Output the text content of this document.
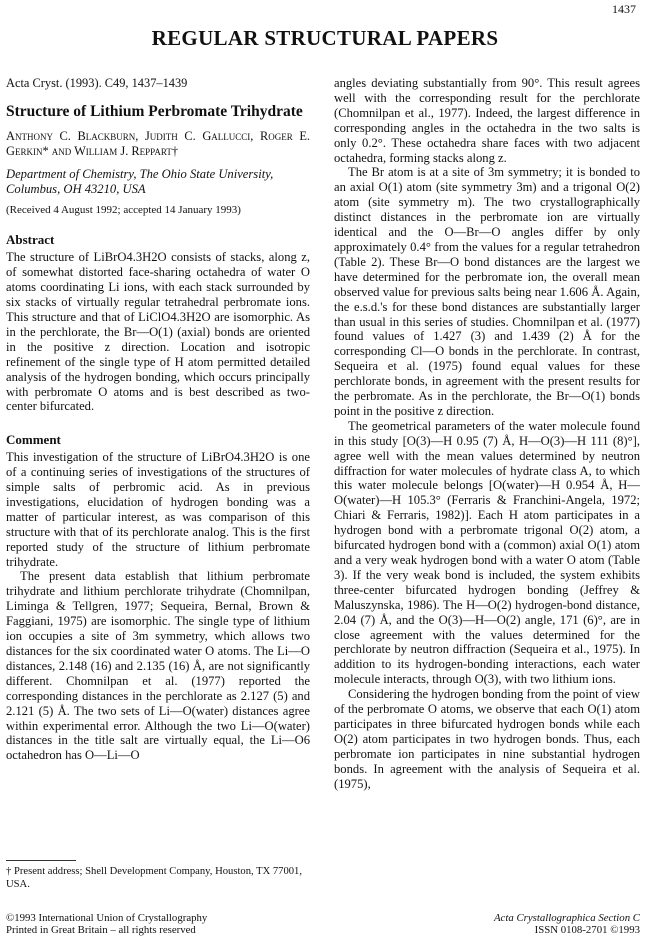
1437
REGULAR STRUCTURAL PAPERS

Acta Cryst. (1993). C49, 1437–1439

Structure of Lithium Perbromate Trihydrate

Anthony C. Blackburn, Judith C. Gallucci, Roger E. Gerkin* and William J. Reppart†

Department of Chemistry, The Ohio State University, Columbus, OH 43210, USA

(Received 4 August 1992; accepted 14 January 1993)

Abstract

The structure of LiBrO4.3H2O consists of stacks, along z, of somewhat distorted face-sharing octahedra of water O atoms coordinating Li ions, with each stack surrounded by six stacks of virtually regular tetrahedral perbromate ions. This structure and that of LiClO4.3H2O are isomorphic. As in the perchlorate, the Br—O(1) (axial) bonds are oriented in the positive z direction. Location and isotropic refinement of the single type of H atom permitted detailed analysis of the hydrogen bonding, which occurs principally with perbromate O atoms and is best described as two-center bifurcated.

Comment

This investigation of the structure of LiBrO4.3H2O is one of a continuing series of investigations of the structures of simple salts of perbromic acid. As in previous investigations, elucidation of hydrogen bonding was a matter of particular interest, as was comparison of this structure with that of its perchlorate analog. This is the first reported study of the structure of lithium perbromate trihydrate.

The present data establish that lithium perbromate trihydrate and lithium perchlorate trihydrate (Chomnilpan, Liminga & Tellgren, 1977; Sequeira, Bernal, Brown & Faggiani, 1975) are isomorphic. The single type of lithium ion occupies a site of 3m symmetry, which allows two distances for the six coordinated water O atoms. The Li—O distances, 2.148 (16) and 2.135 (16) Å, are not significantly different. Chomnilpan et al. (1977) reported the corresponding distances in the perchlorate as 2.127 (5) and 2.121 (5) Å. The two sets of Li—O(water) distances agree within experimental error. Although the two Li—O(water) distances in the title salt are virtually equal, the Li—O6 octahedron has O—Li—O

angles deviating substantially from 90°. This result agrees well with the corresponding result for the perchlorate (Chomnilpan et al., 1977). Indeed, the largest difference in corresponding angles in the octahedra in the two salts is only 0.2°. These octahedra share faces with two adjacent octahedra, forming stacks along z.

The Br atom is at a site of 3m symmetry; it is bonded to an axial O(1) atom (site symmetry 3m) and a trigonal O(2) atom (site symmetry m). The two crystallographically distinct distances in the perbromate ion are virtually identical and the O—Br—O angles differ by only approximately 0.4° from the values for a regular tetrahedron (Table 2). These Br—O bond distances are the largest we have determined for the perbromate ion, the overall mean observed value for previous salts being near 1.606 Å. Again, the e.s.d.'s for these bond distances are substantially larger than usual in this series of studies. Chomnilpan et al. (1977) found values of 1.427 (3) and 1.439 (2) Å for the corresponding Cl—O bonds in the perchlorate. In contrast, Sequeira et al. (1975) found equal values for these perchlorate bonds, in agreement with the present results for the perbromate. As in the perchlorate, the Br—O(1) bonds point in the positive z direction.

The geometrical parameters of the water molecule found in this study [O(3)—H 0.95 (7) Å, H—O(3)—H 111 (8)°], agree well with the mean values determined by neutron diffraction for water molecules of hydrate class A, to which this water molecule belongs [O(water)—H 0.954 Å, H—O(water)—H 105.3° (Ferraris & Franchini-Angela, 1972; Chiari & Ferraris, 1982)]. Each H atom participates in a hydrogen bond with a perbromate trigonal O(2) atom, a bifurcated hydrogen bond with a (common) axial O(1) atom and a very weak hydrogen bond with a water O atom (Table 3). If the very weak bond is included, the system exhibits three-center bifurcated hydrogen bonding (Jeffrey & Maluszynska, 1986). The H—O(2) hydrogen-bond distance, 2.04 (7) Å, and the O(3)—H—O(2) angle, 171 (6)°, are in close agreement with the values determined for the perchlorate by neutron diffraction (Sequeira et al., 1975). In addition to its hydrogen-bonding interactions, each water molecule interacts, through O(3), with two lithium ions.

Considering the hydrogen bonding from the point of view of the perbromate O atoms, we observe that each O(1) atom participates in three bifurcated hydrogen bonds while each O(2) atom participates in two hydrogen bonds. Thus, each perbromate ion participates in nine substantial hydrogen bonds. In agreement with the analysis of Sequeira et al. (1975),

† Present address; Shell Development Company, Houston, TX 77001, USA.
©1993 International Union of Crystallography
Printed in Great Britain – all rights reserved
Acta Crystallographica Section C
ISSN 0108-2701 ©1993
